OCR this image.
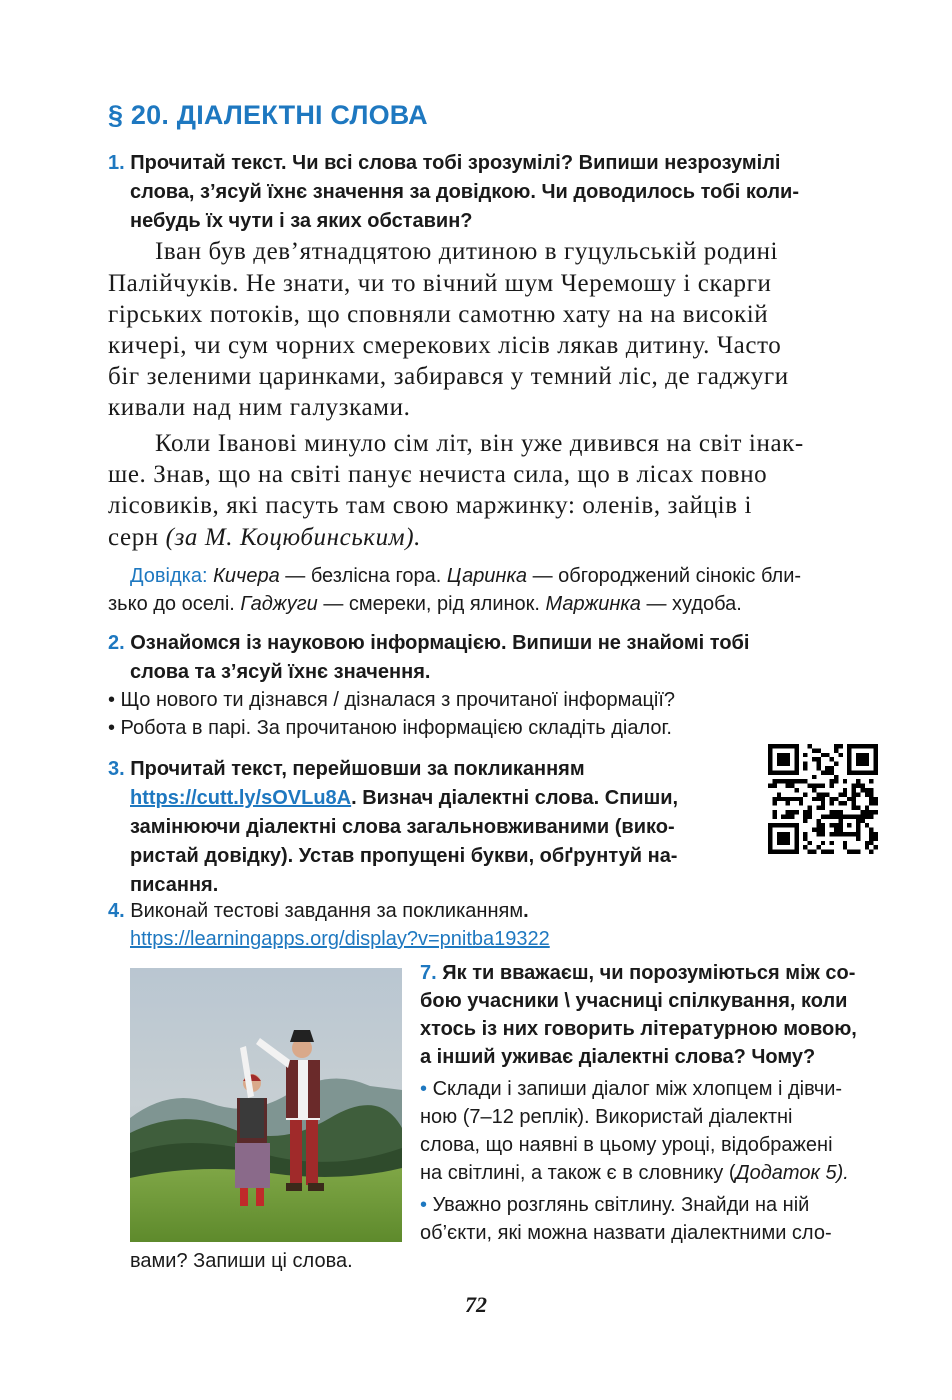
§ 20. ДІАЛЕКТНІ СЛОВА
1. Прочитай текст. Чи всі слова тобі зрозумілі? Випиши незрозумілі
слова, з’ясуй їхнє значення за довідкою. Чи доводилось тобі коли-
небудь їх чути і за яких обставин?
Іван був дев’ятнадцятою дитиною в гуцульській родині
Палійчуків. Не знати, чи то вічний шум Черемошу і скарги
гірських потоків, що сповняли самотню хату на на високій
кичері, чи сум чорних смерекових лісів лякав дитину. Часто
біг зеленими царинками, забирався у темний ліс, де гаджуги
кивали над ним галузками.
Коли Іванові минуло сім літ, він уже дивився на світ інак-
ше. Знав, що на світі панує нечиста сила, що в лісах повно
лісовиків, які пасуть там свою маржинку: оленів, зайців і
серн (за М. Коцюбинським).
Довідка: Кичера — безлісна гора. Царинка — обгороджений сінокіс бли-
зько до оселі. Гаджуги — смереки, рід ялинок. Маржинка — худоба.
2. Ознайомся із науковою інформацією. Випиши не знайомі тобі
слова та з’ясуй їхнє значення.
• Що нового ти дізнався / дізналася з прочитаної інформації?
• Робота в парі. За прочитаною інформацією складіть діалог.
3. Прочитай текст, перейшовши за покликанням
https://cutt.ly/sOVLu8A. Визнач діалектні слова. Спиши,
замінюючи діалектні слова загальновживаними (вико-
ристай довідку). Устав пропущені букви, обґрунтуй на-
писання.
4. Виконай тестові завдання за покликанням.
https://learningapps.org/display?v=pnitba19322
7. Як ти вважаєш, чи порозуміються між со-
бою учасники \ учасниці спілкування, коли
хтось із них говорить літературною мовою,
а інший уживає діалектні слова? Чому?
• Склади і запиши діалог між хлопцем і дівчи-
ною (7–12 реплік). Використай діалектні
слова, що наявні в цьому уроці, відображені
на світлині, а також є в словнику (Додаток 5).
• Уважно розглянь світлину. Знайди на ній
об’єкти, які можна назвати діалектними сло-
вами? Запиши ці слова.
72
